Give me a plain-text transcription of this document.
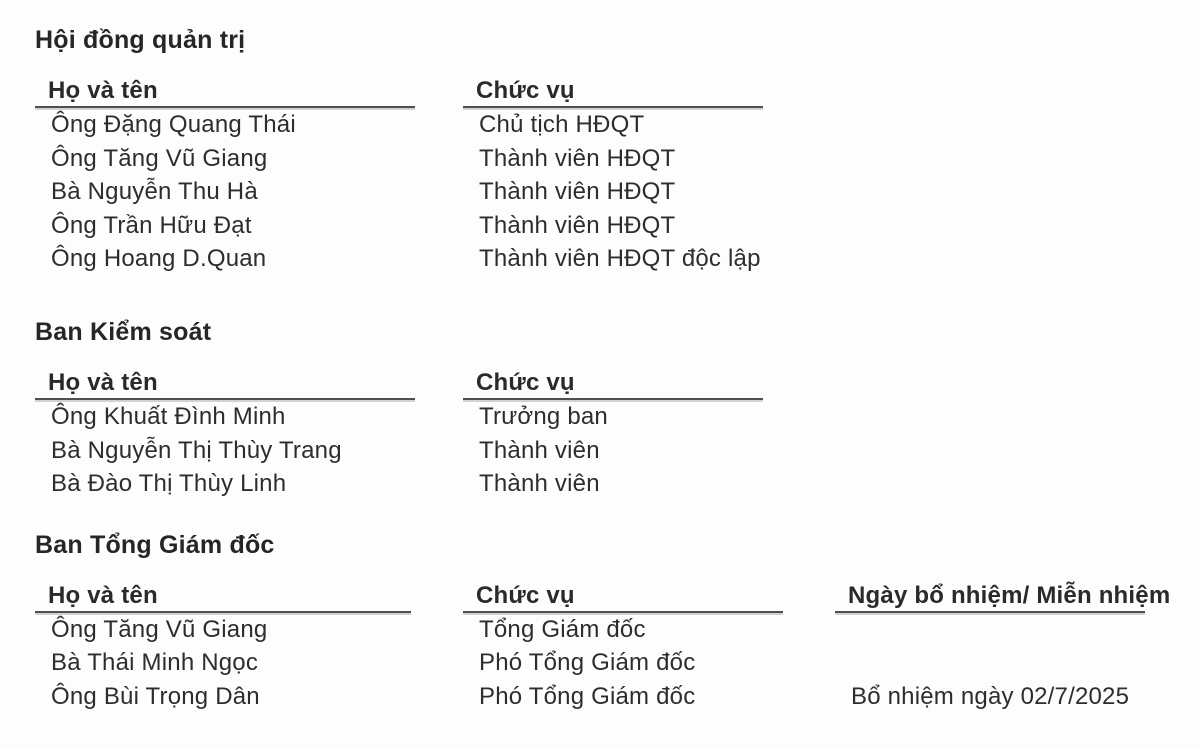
Hội đồng quản trị
Họ và tên	Chức vụ
Ông Đặng Quang Thái	Chủ tịch HĐQT
Ông Tăng Vũ Giang	Thành viên HĐQT
Bà Nguyễn Thu Hà	Thành viên HĐQT
Ông Trần Hữu Đạt	Thành viên HĐQT
Ông Hoang D.Quan	Thành viên HĐQT độc lập
Ban Kiểm soát
Họ và tên	Chức vụ
Ông Khuất Đình Minh	Trưởng ban
Bà Nguyễn Thị Thùy Trang	Thành viên
Bà Đào Thị Thùy Linh	Thành viên
Ban Tổng Giám đốc
Họ và tên	Chức vụ	Ngày bổ nhiệm/ Miễn nhiệm
Ông Tăng Vũ Giang	Tổng Giám đốc
Bà Thái Minh Ngọc	Phó Tổng Giám đốc
Ông Bùi Trọng Dân	Phó Tổng Giám đốc	Bổ nhiệm ngày 02/7/2025
